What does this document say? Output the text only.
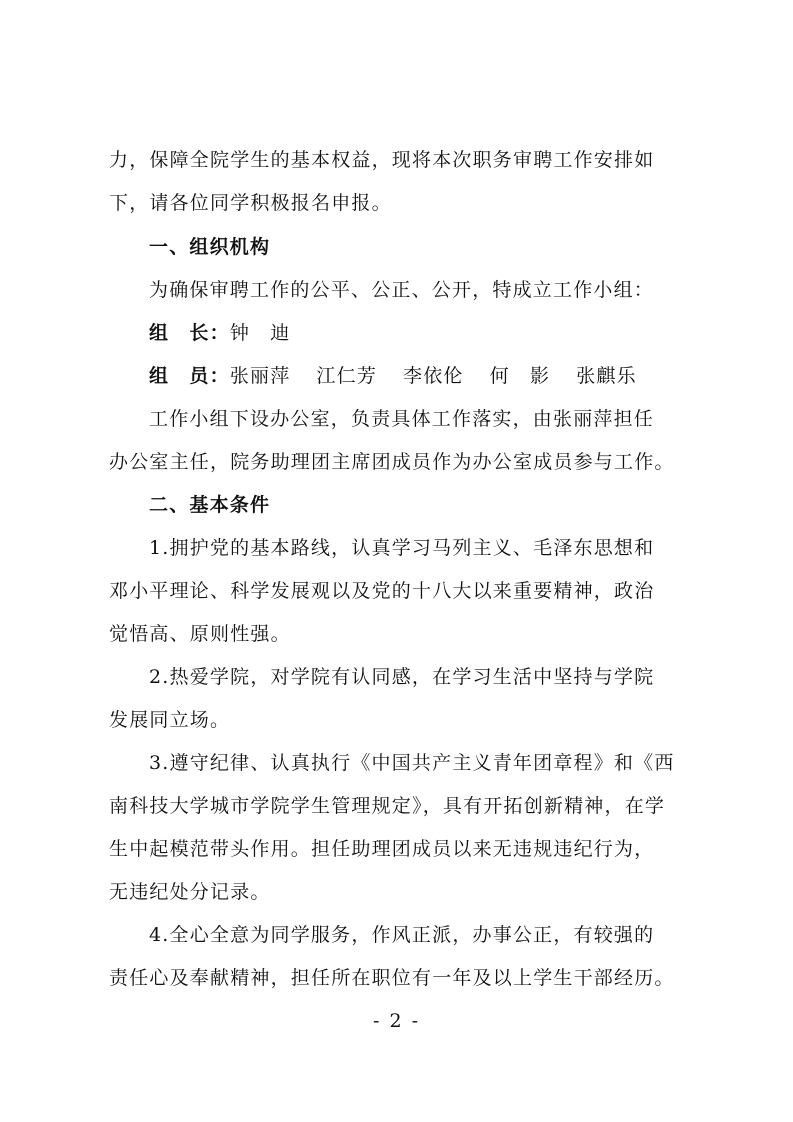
力，保障全院学生的基本权益，现将本次职务审聘工作安排如
下，请各位同学积极报名申报。
一、组织机构
为确保审聘工作的公平、公正、公开，特成立工作小组：
组　长：钟　迪
组　员：张丽萍 江仁芳 李依伦 何　影 张麒乐
工作小组下设办公室，负责具体工作落实，由张丽萍担任
办公室主任，院务助理团主席团成员作为办公室成员参与工作。
二、基本条件
1.拥护党的基本路线，认真学习马列主义、毛泽东思想和
邓小平理论、科学发展观以及党的十八大以来重要精神，政治
觉悟高、原则性强。
2.热爱学院，对学院有认同感，在学习生活中坚持与学院
发展同立场。
3.遵守纪律、认真执行《中国共产主义青年团章程》和《西
南科技大学城市学院学生管理规定》，具有开拓创新精神，在学
生中起模范带头作用。担任助理团成员以来无违规违纪行为，
无违纪处分记录。
4.全心全意为同学服务，作风正派，办事公正，有较强的
责任心及奉献精神，担任所在职位有一年及以上学生干部经历。
- 2 -
